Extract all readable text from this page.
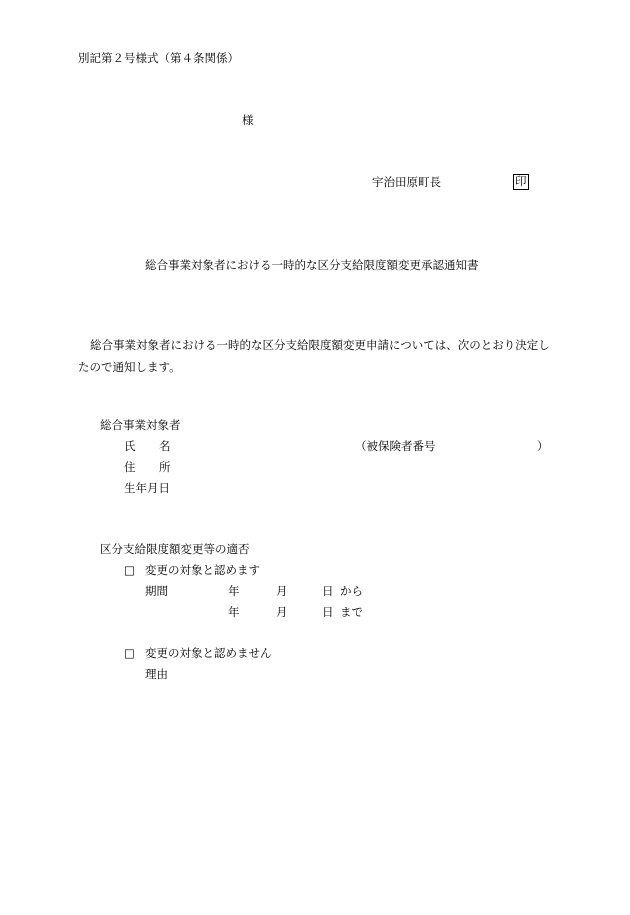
別記第２号様式（第４条関係）
様
宇治田原町長	印
総合事業対象者における一時的な区分支給限度額変更承認通知書
総合事業対象者における一時的な区分支給限度額変更申請については、次のとおり決定したので通知します。
総合事業対象者
氏 名	（被保険者番号	）
住 所
生年月日
区分支給限度額変更等の適否
□ 変更の対象と認めます
期間	年	月	日 から
年	月	日 まで
□ 変更の対象と認めません
理由
